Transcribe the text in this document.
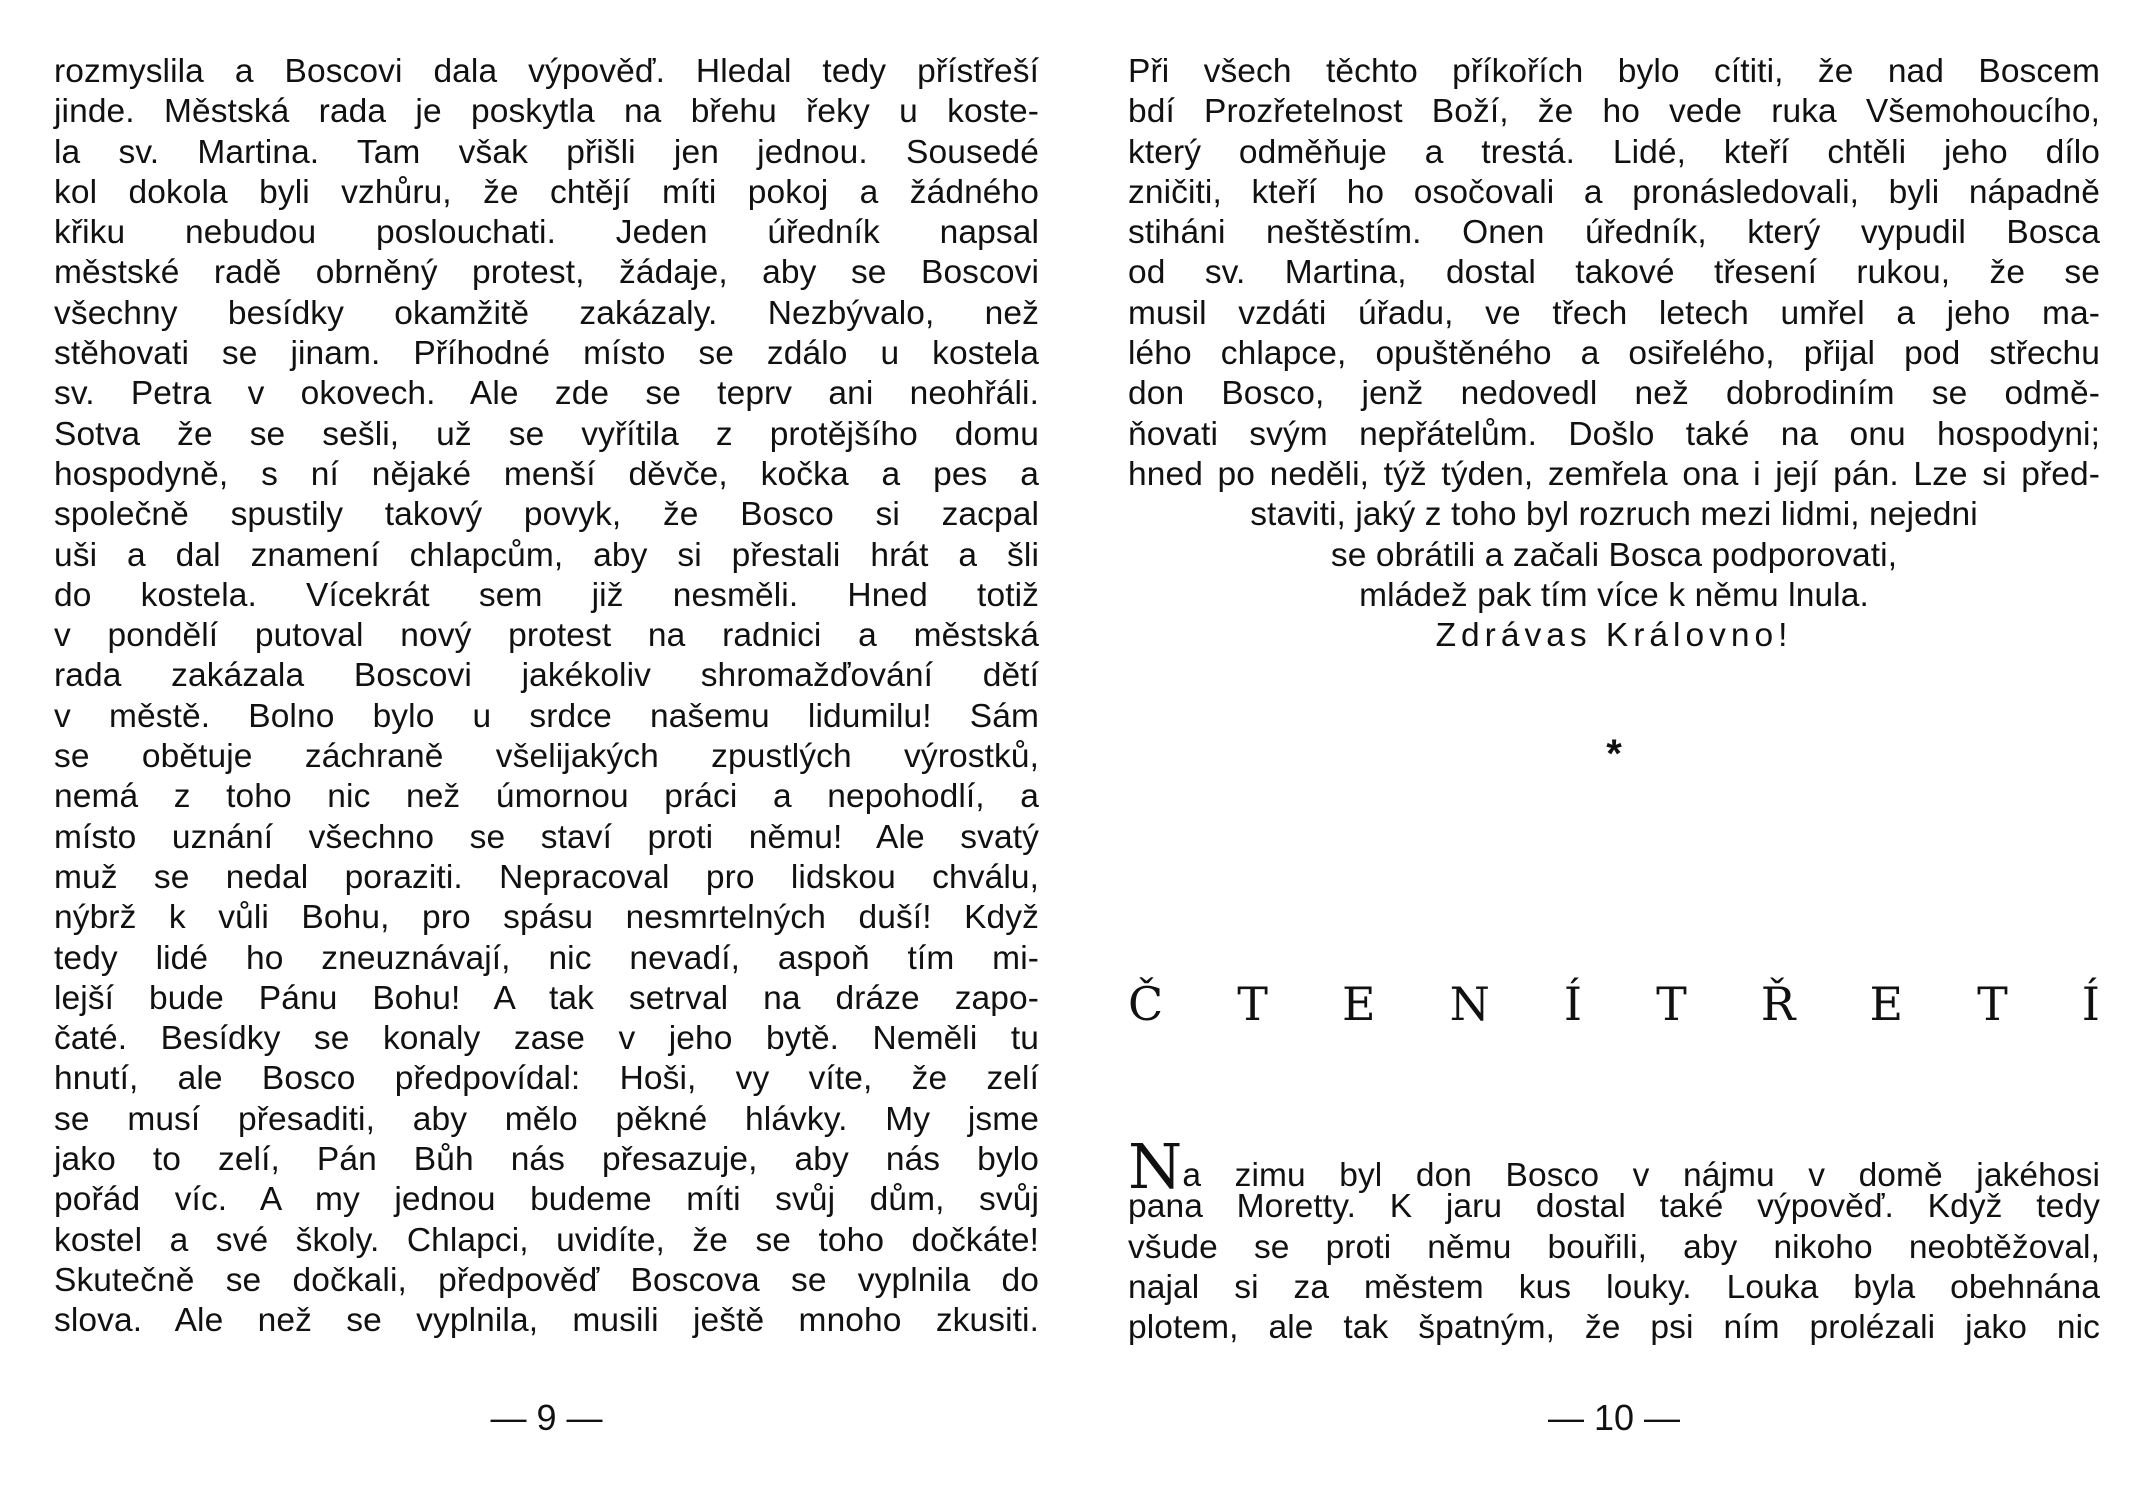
rozmyslila a Boscovi dala výpověď. Hledal tedy přístřeší
jinde. Městská rada je poskytla na břehu řeky u koste-
la sv. Martina. Tam však přišli jen jednou. Sousedé
kol dokola byli vzhůru, že chtějí míti pokoj a žádného
křiku nebudou poslouchati. Jeden úředník napsal
městské radě obrněný protest, žádaje, aby se Boscovi
všechny besídky okamžitě zakázaly. Nezbývalo, než
stěhovati se jinam. Příhodné místo se zdálo u kostela
sv. Petra v okovech. Ale zde se teprv ani neohřáli.
Sotva že se sešli, už se vyřítila z protějšího domu
hospodyně, s ní nějaké menší děvče, kočka a pes a
společně spustily takový povyk, že Bosco si zacpal
uši a dal znamení chlapcům, aby si přestali hrát a šli
do kostela. Vícekrát sem již nesměli. Hned totiž
v pondělí putoval nový protest na radnici a městská
rada zakázala Boscovi jakékoliv shromažďování dětí
v městě. Bolno bylo u srdce našemu lidumilu! Sám
se obětuje záchraně všelijakých zpustlých výrostků,
nemá z toho nic než úmornou práci a nepohodlí, a
místo uznání všechno se staví proti němu! Ale svatý
muž se nedal poraziti. Nepracoval pro lidskou chválu,
nýbrž k vůli Bohu, pro spásu nesmrtelných duší! Když
tedy lidé ho zneuznávají, nic nevadí, aspoň tím mi-
lejší bude Pánu Bohu! A tak setrval na dráze zapo-
čaté. Besídky se konaly zase v jeho bytě. Neměli tu
hnutí, ale Bosco předpovídal: Hoši, vy víte, že zelí
se musí přesaditi, aby mělo pěkné hlávky. My jsme
jako to zelí, Pán Bůh nás přesazuje, aby nás bylo
pořád víc. A my jednou budeme míti svůj dům, svůj
kostel a své školy. Chlapci, uvidíte, že se toho dočkáte!
Skutečně se dočkali, předpověď Boscova se vyplnila do
slova. Ale než se vyplnila, musili ještě mnoho zkusiti.
— 9 —
Při všech těchto příkořích bylo cítiti, že nad Boscem
bdí Prozřetelnost Boží, že ho vede ruka Všemohoucího,
který odměňuje a trestá. Lidé, kteří chtěli jeho dílo
zničiti, kteří ho osočovali a pronásledovali, byli nápadně
stiháni neštěstím. Onen úředník, který vypudil Bosca
od sv. Martina, dostal takové třesení rukou, že se
musil vzdáti úřadu, ve třech letech umřel a jeho ma-
lého chlapce, opuštěného a osiřelého, přijal pod střechu
don Bosco, jenž nedovedl než dobrodiním se odmě-
ňovati svým nepřátelům. Došlo také na onu hospodyni;
hned po neděli, týž týden, zemřela ona i její pán. Lze si před-
staviti, jaký z toho byl rozruch mezi lidmi, nejedni
se obrátili a začali Bosca podporovati,
mládež pak tím více k němu lnula.
Zdrávas Královno!
*
Č T E N Í T Ř E T Í
Na zimu byl don Bosco v nájmu v domě jakéhosi
pana Moretty. K jaru dostal také výpověď. Když tedy
všude se proti němu bouřili, aby nikoho neobtěžoval,
najal si za městem kus louky. Louka byla obehnána
plotem, ale tak špatným, že psi ním prolézali jako nic
— 10 —
